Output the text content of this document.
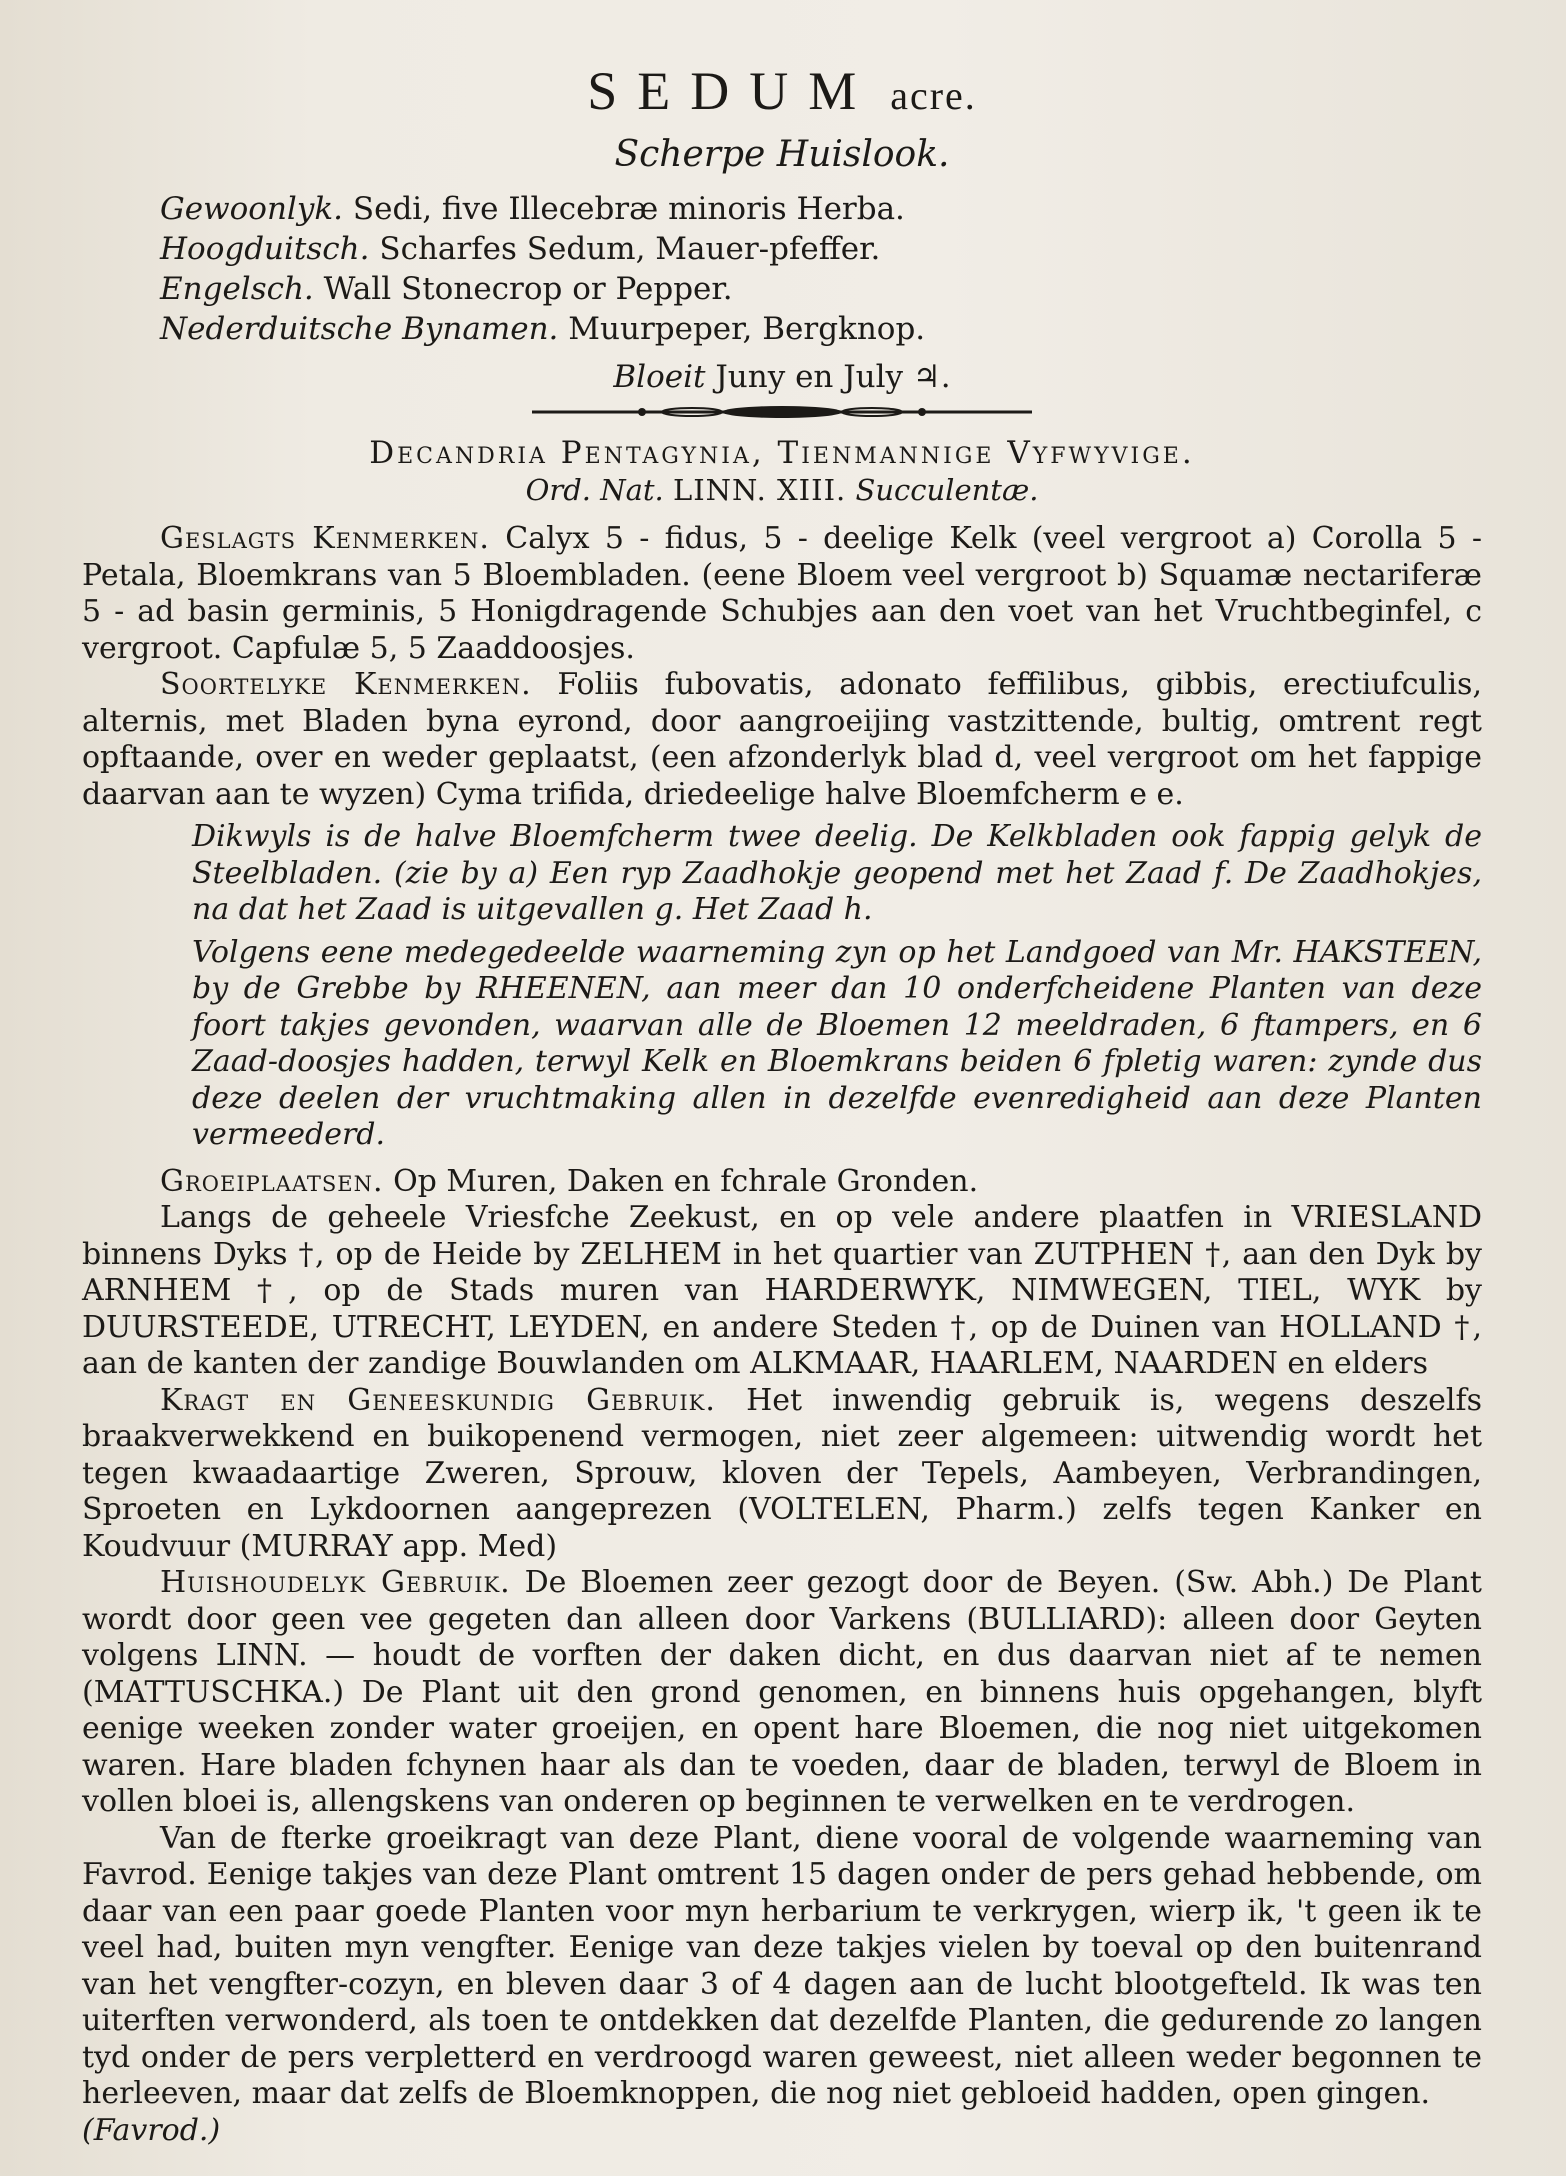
SEDUM acre.
Scherpe Huislook.
Gewoonlyk. Sedi, five Illecebræ minoris Herba.
Hoogduitsch. Scharfes Sedum, Mauer-pfeffer.
Engelsch. Wall Stonecrop or Pepper.
Nederduitsche Bynamen. Muurpeper, Bergknop.
Bloeit Juny en July ♃.
Decandria Pentagynia, Tienmannige Vyfwyvige.
Ord. Nat. LINN. XIII. Succulentæ.

Geslagts Kenmerken. Calyx 5 - fidus, 5 - deelige Kelk (veel vergroot a) Corolla 5 - Petala, Bloemkrans van 5 Bloembladen. (eene Bloem veel vergroot b) Squamæ nectariferæ 5 - ad basin germinis, 5 Honigdragende Schubjes aan den voet van het Vruchtbeginfel, c vergroot. Capfulæ 5, 5 Zaaddoosjes.

Soortelyke Kenmerken. Foliis fubovatis, adonato feffilibus, gibbis, erectiufculis, alternis, met Bladen byna eyrond, door aangroeijing vastzittende, bultig, omtrent regt opftaande, over en weder geplaatst, (een afzonderlyk blad d, veel vergroot om het fappige daarvan aan te wyzen) Cyma trifida, driedeelige halve Bloemfcherm e e.

Dikwyls is de halve Bloemfcherm twee deelig. De Kelkbladen ook fappig gelyk de Steelbladen. (zie by a) Een ryp Zaadhokje geopend met het Zaad f. De Zaadhokjes, na dat het Zaad is uitgevallen g. Het Zaad h.

Volgens eene medegedeelde waarneming zyn op het Landgoed van Mr. HAKSTEEN, by de Grebbe by RHEENEN, aan meer dan 10 onderfcheidene Planten van deze foort takjes gevonden, waarvan alle de Bloemen 12 meeldraden, 6 ftampers, en 6 Zaad-doosjes hadden, terwyl Kelk en Bloemkrans beiden 6 fpletig waren: zynde dus deze deelen der vruchtmaking allen in dezelfde evenredigheid aan deze Planten vermeederd.

Groeiplaatsen. Op Muren, Daken en fchrale Gronden.

Langs de geheele Vriesfche Zeekust, en op vele andere plaatfen in VRIESLAND binnens Dyks †, op de Heide by ZELHEM in het quartier van ZUTPHEN †, aan den Dyk by ARNHEM †, op de Stads muren van HARDERWYK, NIMWEGEN, TIEL, WYK by DUURSTEEDE, UTRECHT, LEYDEN, en andere Steden †, op de Duinen van HOLLAND †, aan de kanten der zandige Bouwlanden om ALKMAAR, HAARLEM, NAARDEN en elders

Kragt en Geneeskundig Gebruik. Het inwendig gebruik is, wegens deszelfs braakverwekkend en buikopenend vermogen, niet zeer algemeen: uitwendig wordt het tegen kwaadaartige Zweren, Sprouw, kloven der Tepels, Aambeyen, Verbrandingen, Sproeten en Lykdoornen aangeprezen (VOLTELEN, Pharm.) zelfs tegen Kanker en Koudvuur (MURRAY app. Med)

Huishoudelyk Gebruik. De Bloemen zeer gezogt door de Beyen. (Sw. Abh.) De Plant wordt door geen vee gegeten dan alleen door Varkens (BULLIARD): alleen door Geyten volgens LINN. — houdt de vorften der daken dicht, en dus daarvan niet af te nemen (MATTUSCHKA.) De Plant uit den grond genomen, en binnens huis opgehangen, blyft eenige weeken zonder water groeijen, en opent hare Bloemen, die nog niet uitgekomen waren. Hare bladen fchynen haar als dan te voeden, daar de bladen, terwyl de Bloem in vollen bloei is, allengskens van onderen op beginnen te verwelken en te verdrogen.

Van de fterke groeikragt van deze Plant, diene vooral de volgende waarneming van Favrod. Eenige takjes van deze Plant omtrent 15 dagen onder de pers gehad hebbende, om daar van een paar goede Planten voor myn herbarium te verkrygen, wierp ik, 't geen ik te veel had, buiten myn vengfter. Eenige van deze takjes vielen by toeval op den buitenrand van het vengfter-cozyn, en bleven daar 3 of 4 dagen aan de lucht blootgefteld. Ik was ten uiterften verwonderd, als toen te ontdekken dat dezelfde Planten, die gedurende zo langen tyd onder de pers verpletterd en verdroogd waren geweest, niet alleen weder begonnen te herleeven, maar dat zelfs de Bloemknoppen, die nog niet gebloeid hadden, open gingen.

(Favrod.)
